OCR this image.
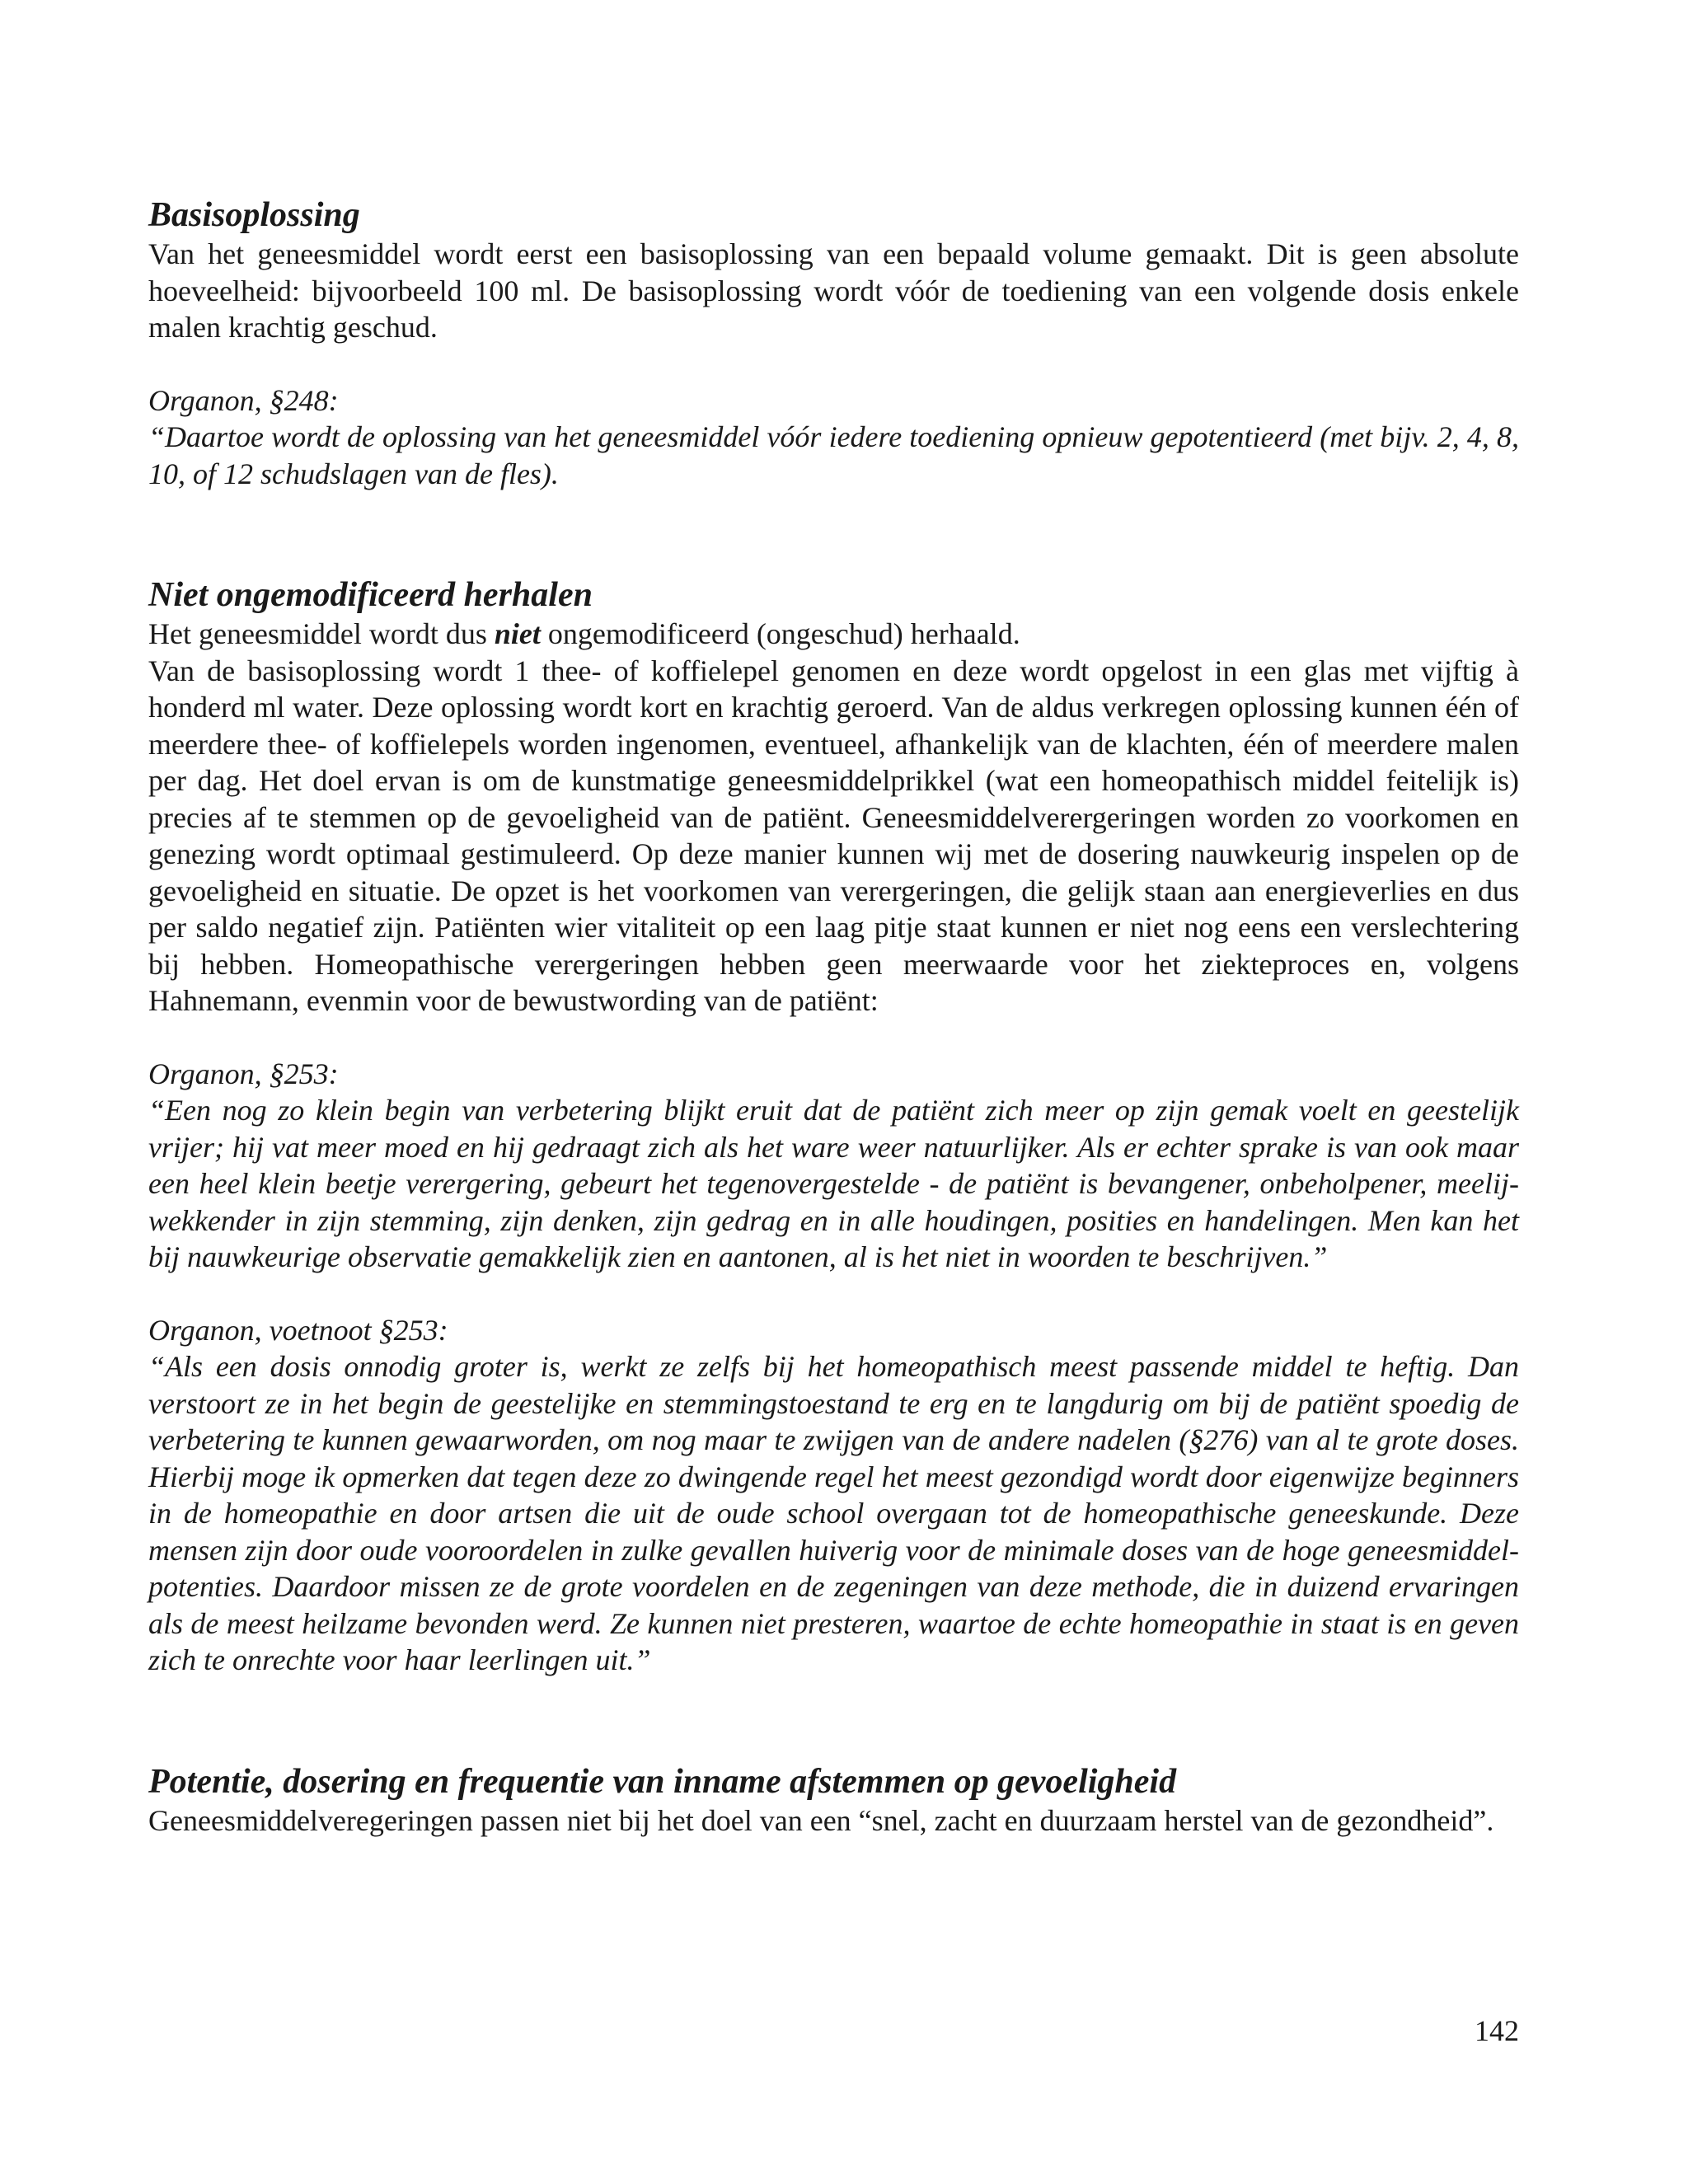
Basisoplossing

Van het geneesmiddel wordt eerst een basisoplossing van een bepaald volume gemaakt. Dit is geen absolute hoeveelheid: bijvoorbeeld 100 ml. De basisoplossing wordt vóór de toediening van een volgende dosis enkele malen krachtig geschud.

Organon, §248:

“Daartoe wordt de oplossing van het geneesmiddel vóór iedere toediening opnieuw gepotentieerd (met bijv. 2, 4, 8, 10, of 12 schudslagen van de fles).

Niet ongemodificeerd herhalen

Het geneesmiddel wordt dus niet ongemodificeerd (ongeschud) herhaald.

Van de basisoplossing wordt 1 thee- of koffielepel genomen en deze wordt opgelost in een glas met vijftig à honderd ml water. Deze oplossing wordt kort en krachtig geroerd. Van de aldus verkregen oplossing kunnen één of meerdere thee- of koffielepels worden ingenomen, eventueel, afhankelijk van de klachten, één of meerdere malen per dag. Het doel ervan is om de kunstmatige geneesmiddelprikkel (wat een homeopathisch middel feitelijk is) precies af te stemmen op de gevoeligheid van de patiënt. Geneesmiddelverergeringen worden zo voorkomen en genezing wordt optimaal gestimuleerd. Op deze manier kunnen wij met de dosering nauwkeurig inspelen op de gevoeligheid en situatie. De opzet is het voorkomen van verergeringen, die gelijk staan aan energieverlies en dus per saldo negatief zijn. Patiënten wier vitaliteit op een laag pitje staat kunnen er niet nog eens een verslechtering bij hebben. Homeopathische verergeringen hebben geen meerwaarde voor het ziekteproces en, volgens Hahnemann, evenmin voor de bewustwording van de patiënt:

Organon, §253:

“Een nog zo klein begin van verbetering blijkt eruit dat de patiënt zich meer op zijn gemak voelt en geestelijk vrijer; hij vat meer moed en hij gedraagt zich als het ware weer natuurlijker. Als er echter sprake is van ook maar een heel klein beetje verergering, gebeurt het tegenovergestelde - de patiënt is bevangener, onbeholpener, meelij-wekkender in zijn stemming, zijn denken, zijn gedrag en in alle houdingen, posities en handelingen. Men kan het bij nauwkeurige observatie gemakkelijk zien en aantonen, al is het niet in woorden te beschrijven.”

Organon, voetnoot §253:

“Als een dosis onnodig groter is, werkt ze zelfs bij het homeopathisch meest passende middel te heftig. Dan verstoort ze in het begin de geestelijke en stemmingstoestand te erg en te langdurig om bij de patiënt spoedig de verbetering te kunnen gewaarworden, om nog maar te zwijgen van de andere nadelen (§276) van al te grote doses. Hierbij moge ik opmerken dat tegen deze zo dwingende regel het meest gezondigd wordt door eigenwijze beginners in de homeopathie en door artsen die uit de oude school overgaan tot de homeopathische geneeskunde. Deze mensen zijn door oude vooroordelen in zulke gevallen huiverig voor de minimale doses van de hoge geneesmiddel-potenties. Daardoor missen ze de grote voordelen en de zegeningen van deze methode, die in duizend ervaringen als de meest heilzame bevonden werd. Ze kunnen niet presteren, waartoe de echte homeopathie in staat is en geven zich te onrechte voor haar leerlingen uit.”

Potentie, dosering en frequentie van inname afstemmen op gevoeligheid

Geneesmiddelveregeringen passen niet bij het doel van een “snel, zacht en duurzaam herstel van de gezondheid”.

142
